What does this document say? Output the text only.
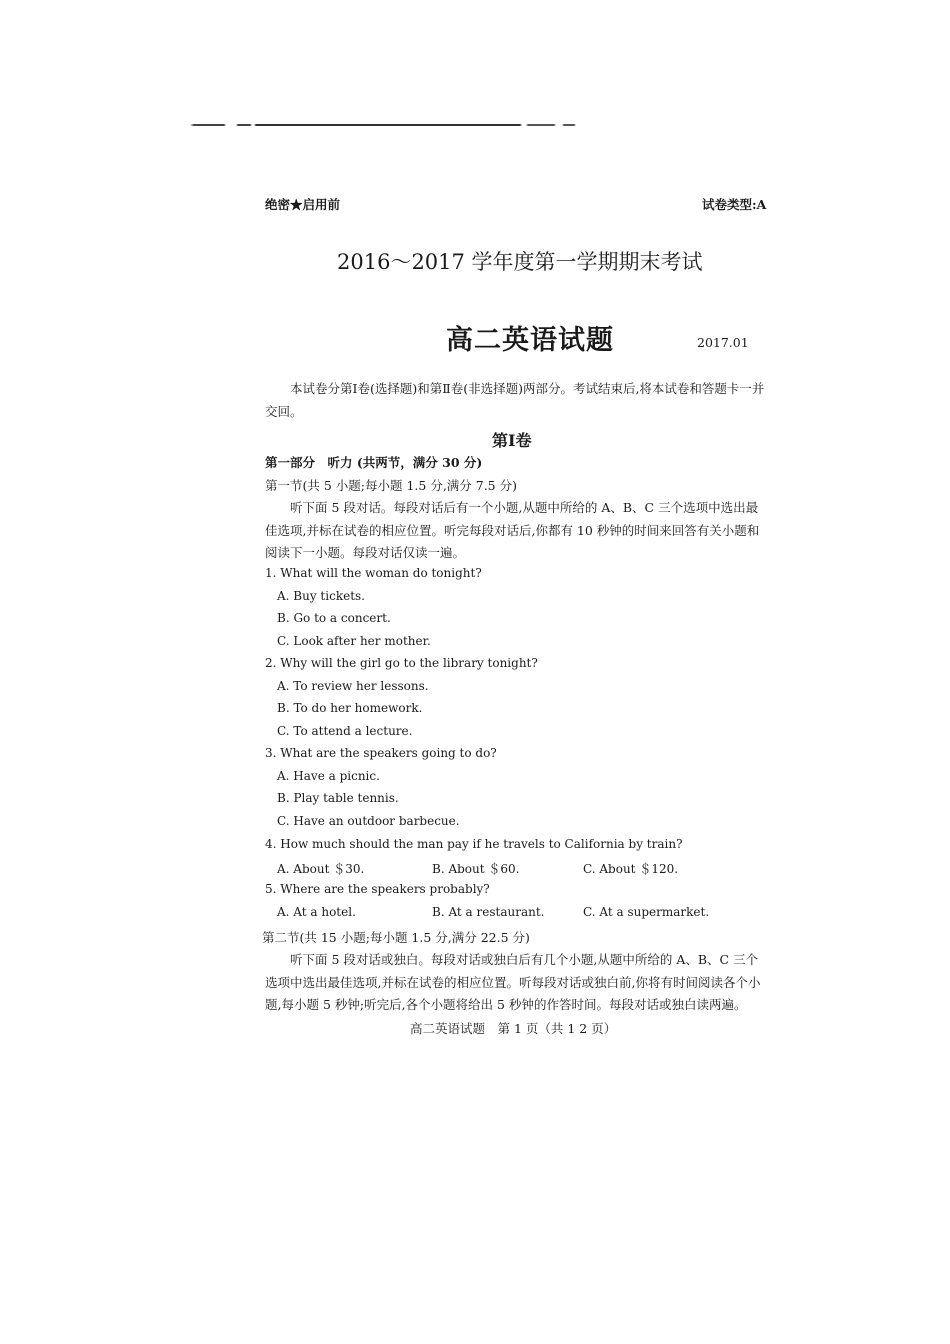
绝密★启用前	试卷类型:A
2016～2017 学年度第一学期期末考试
高二英语试题	2017.01
本试卷分第Ⅰ卷(选择题)和第Ⅱ卷(非选择题)两部分。考试结束后,将本试卷和答题卡一并交回。
第Ⅰ卷
第一部分　听力 (共两节，满分 30 分)
第一节(共 5 小题;每小题 1.5 分,满分 7.5 分)
听下面 5 段对话。每段对话后有一个小题,从题中所给的 A、B、C 三个选项中选出最佳选项,并标在试卷的相应位置。听完每段对话后,你都有 10 秒钟的时间来回答有关小题和阅读下一小题。每段对话仅读一遍。
1. What will the woman do tonight?
A. Buy tickets.
B. Go to a concert.
C. Look after her mother.
2. Why will the girl go to the library tonight?
A. To review her lessons.
B. To do her homework.
C. To attend a lecture.
3. What are the speakers going to do?
A. Have a picnic.
B. Play table tennis.
C. Have an outdoor barbecue.
4. How much should the man pay if he travels to California by train?
A. About ＄30.	B. About ＄60.	C. About ＄120.
5. Where are the speakers probably?
A. At a hotel.	B. At a restaurant.	C. At a supermarket.
第二节(共 15 小题;每小题 1.5 分,满分 22.5 分)
听下面 5 段对话或独白。每段对话或独白后有几个小题,从题中所给的 A、B、C 三个选项中选出最佳选项,并标在试卷的相应位置。听每段对话或独白前,你将有时间阅读各个小题,每小题 5 秒钟;听完后,各个小题将给出 5 秒钟的作答时间。每段对话或独白读两遍。
高二英语试题　第 1 页（共 1 2 页）
